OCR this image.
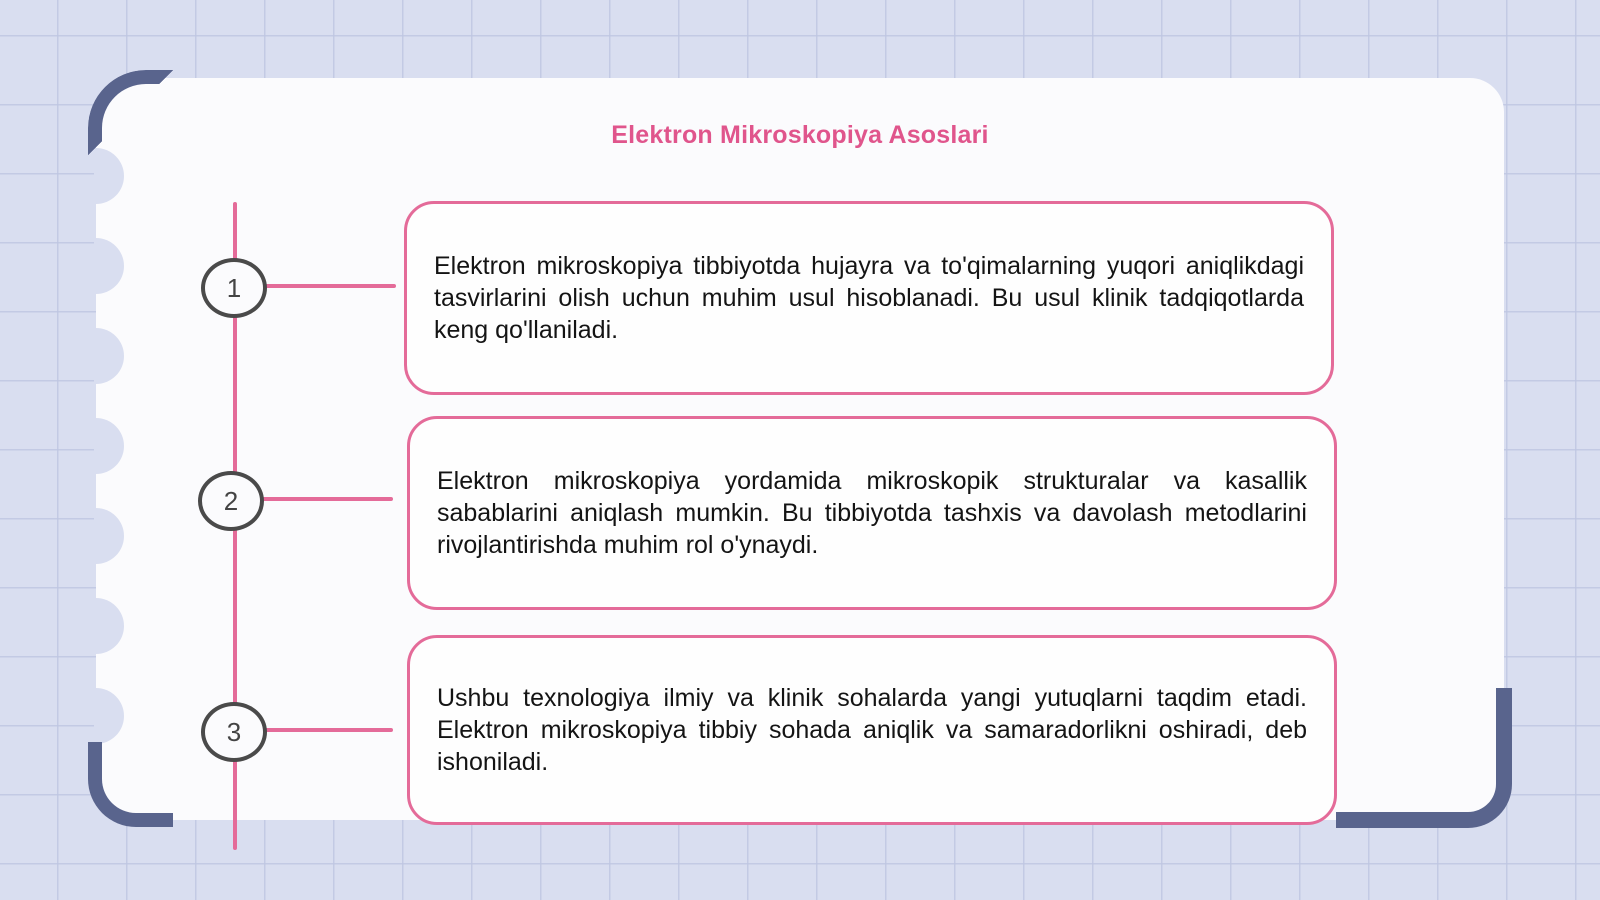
Elektron Mikroskopiya Asoslari
1

Elektron mikroskopiya tibbiyotda hujayra va to'qimalarning yuqori aniqlikdagi tasvirlarini olish uchun muhim usul hisoblanadi. Bu usul klinik tadqiqotlarda keng qo'llaniladi.

2

Elektron mikroskopiya yordamida mikroskopik strukturalar va kasallik sabablarini aniqlash mumkin. Bu tibbiyotda tashxis va davolash metodlarini rivojlantirishda muhim rol o'ynaydi.

3

Ushbu texnologiya ilmiy va klinik sohalarda yangi yutuqlarni taqdim etadi. Elektron mikroskopiya tibbiy sohada aniqlik va samaradorlikni oshiradi, deb ishoniladi.
